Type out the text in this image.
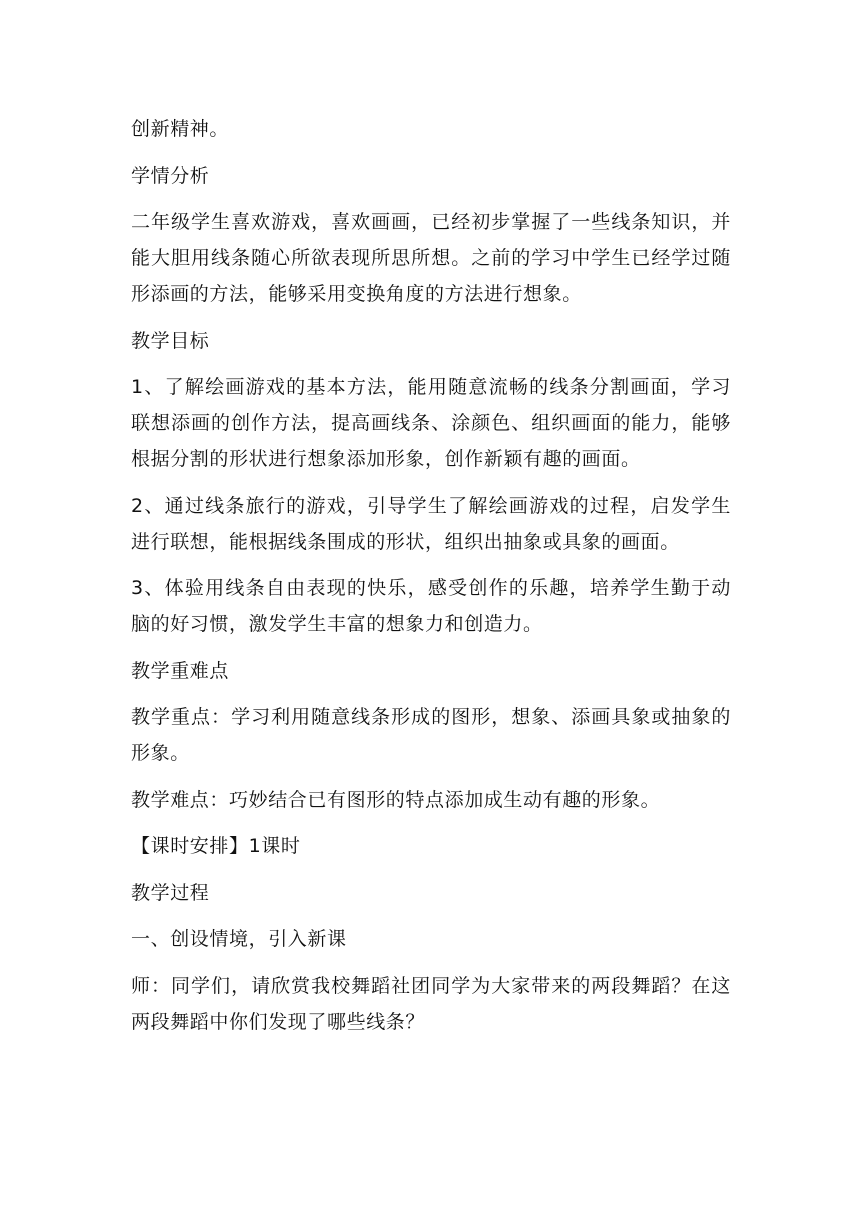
创新精神。

学情分析

二年级学生喜欢游戏，喜欢画画，已经初步掌握了一些线条知识，并能大胆用线条随心所欲表现所思所想。之前的学习中学生已经学过随形添画的方法，能够采用变换角度的方法进行想象。

教学目标

1、了解绘画游戏的基本方法，能用随意流畅的线条分割画面，学习联想添画的创作方法，提高画线条、涂颜色、组织画面的能力，能够根据分割的形状进行想象添加形象，创作新颖有趣的画面。

2、通过线条旅行的游戏，引导学生了解绘画游戏的过程，启发学生进行联想，能根据线条围成的形状，组织出抽象或具象的画面。

3、体验用线条自由表现的快乐，感受创作的乐趣，培养学生勤于动脑的好习惯，激发学生丰富的想象力和创造力。

教学重难点

教学重点：学习利用随意线条形成的图形，想象、添画具象或抽象的形象。

教学难点：巧妙结合已有图形的特点添加成生动有趣的形象。

【课时安排】1课时

教学过程

一、创设情境，引入新课

师：同学们，请欣赏我校舞蹈社团同学为大家带来的两段舞蹈？在这两段舞蹈中你们发现了哪些线条？
